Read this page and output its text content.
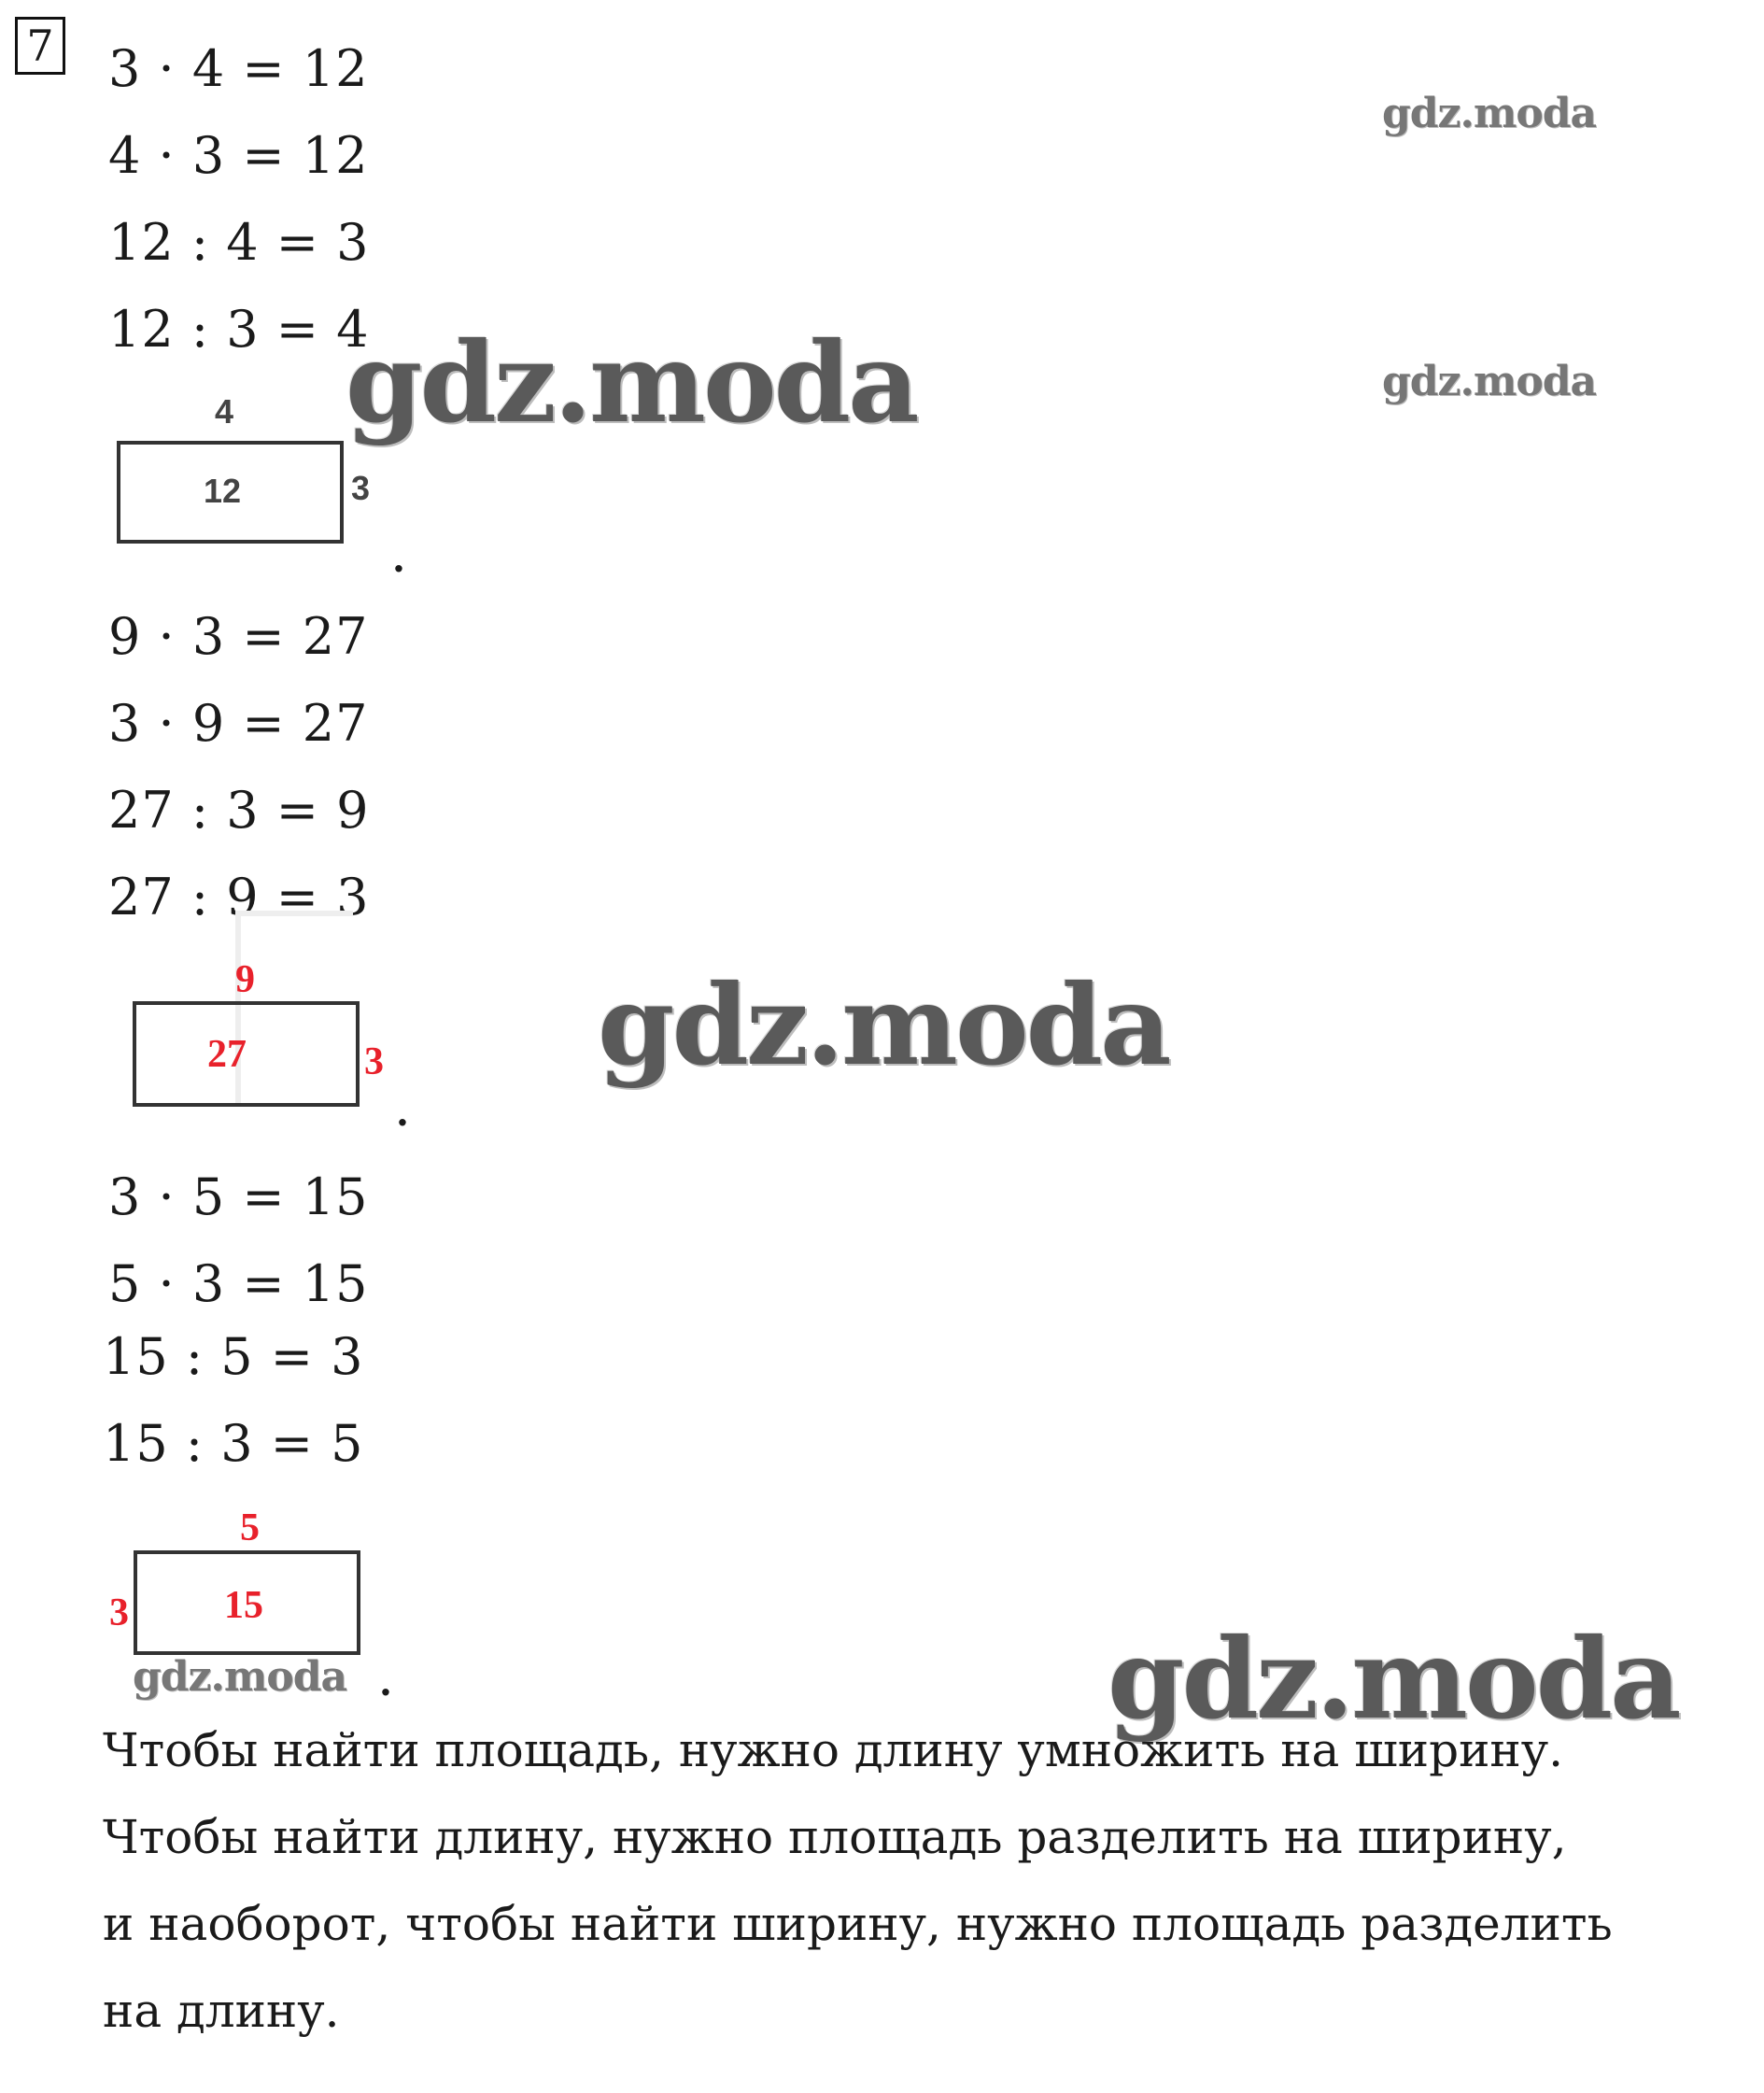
7 3 · 4 = 12
4 · 3 = 12
12 : 4 = 3
12 : 3 = 4
4
12	3
.
9 · 3 = 27
3 · 9 = 27
27 : 3 = 9
27 : 9 = 3
9
27	3
.
3 · 5 = 15
5 · 3 = 15
15 : 5 = 3
15 : 3 = 5
5
15
3
.
gdz.moda
gdz.moda
gdz.moda
gdz.moda
gdz.moda	gdz.moda
Чтобы найти площадь, нужно длину умножить на ширину.
Чтобы найти длину, нужно площадь разделить на ширину,
и наоборот, чтобы найти ширину, нужно площадь разделить
на длину.
